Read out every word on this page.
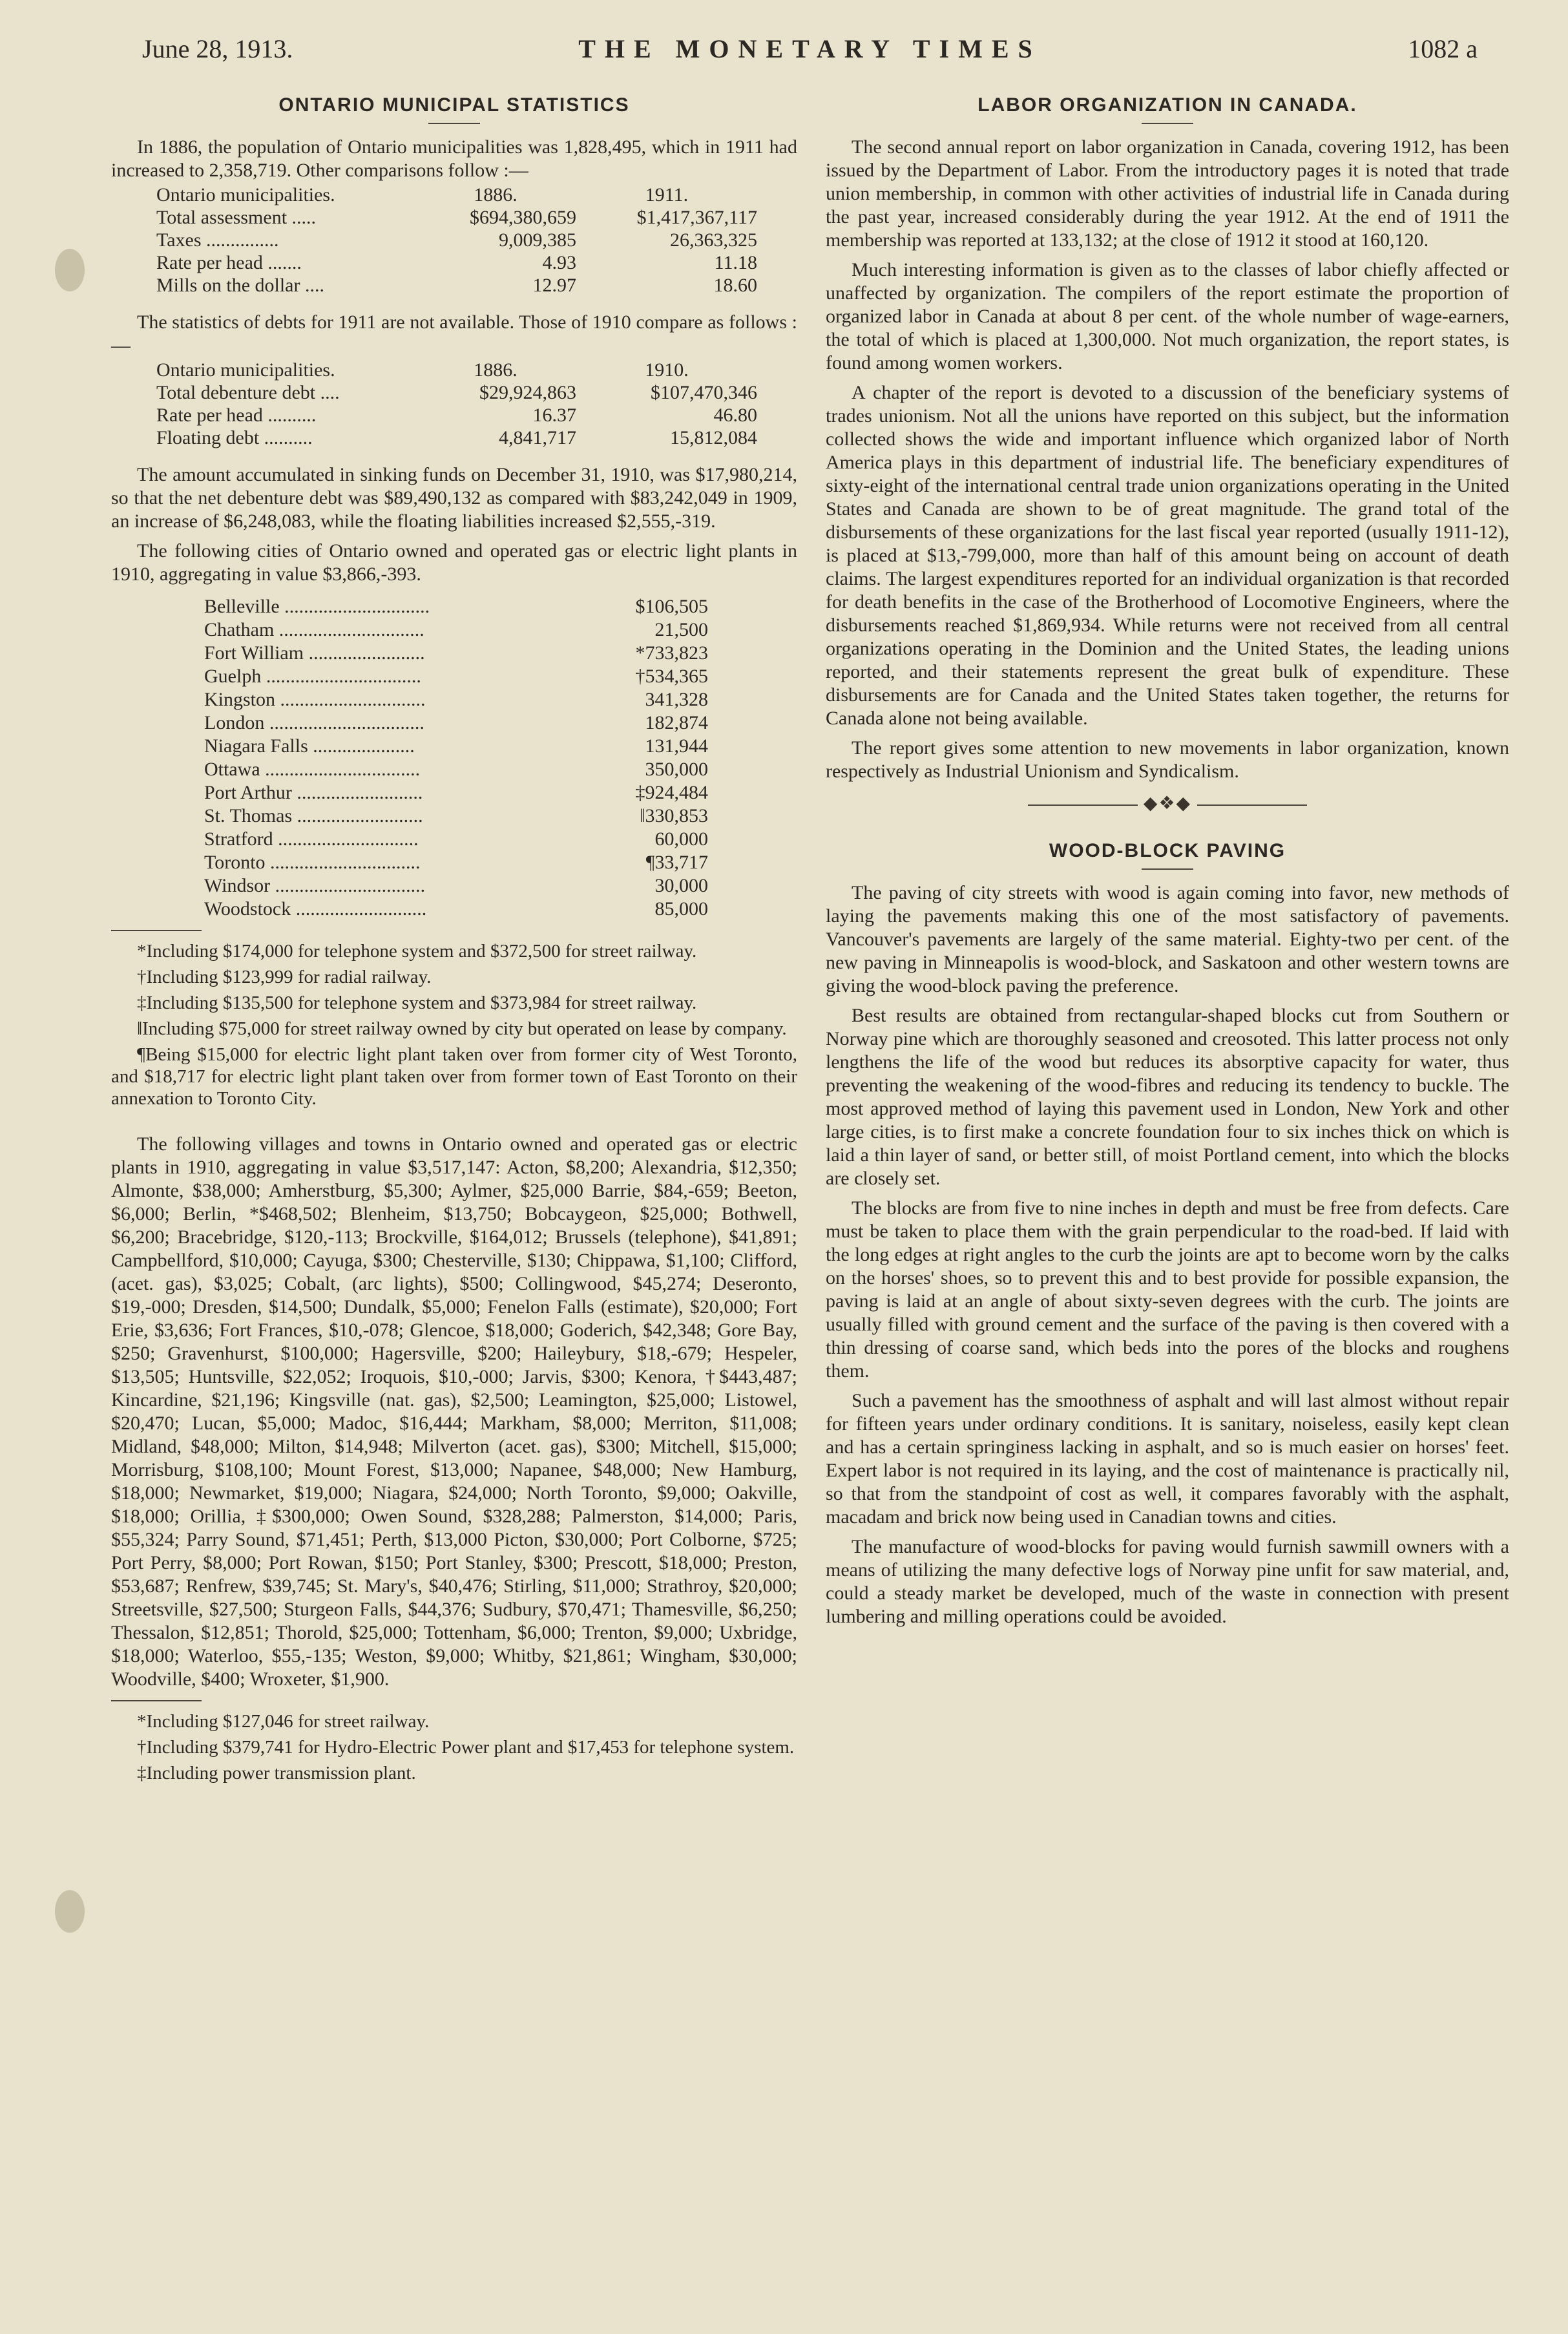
June 28, 1913.	THE MONETARY TIMES	1082 a
ONTARIO MUNICIPAL STATISTICS

In 1886, the population of Ontario municipalities was 1,828,495, which in 1911 had increased to 2,358,719. Other comparisons follow :—

Ontario municipalities.	1886.	1911.
Total assessment .....	$694,380,659	$1,417,367,117
Taxes ...............	9,009,385	26,363,325
Rate per head .......	4.93	11.18
Mills on the dollar ....	12.97	18.60

The statistics of debts for 1911 are not available. Those of 1910 compare as follows :—

Ontario municipalities.	1886.	1910.
Total debenture debt ....	$29,924,863	$107,470,346
Rate per head ..........	16.37	46.80
Floating debt ..........	4,841,717	15,812,084

The amount accumulated in sinking funds on December 31, 1910, was $17,980,214, so that the net debenture debt was $89,490,132 as compared with $83,242,049 in 1909, an increase of $6,248,083, while the floating liabilities increased $2,555,-319.

The following cities of Ontario owned and operated gas or electric light plants in 1910, aggregating in value $3,866,-393.

Belleville ..............................	$106,505
Chatham ..............................	21,500
Fort William ........................	*733,823
Guelph ................................	†534,365
Kingston ..............................	341,328
London ................................	182,874
Niagara Falls .....................	131,944
Ottawa ................................	350,000
Port Arthur ..........................	‡924,484
St. Thomas ..........................	‖330,853
Stratford .............................	60,000
Toronto ...............................	¶33,717
Windsor ...............................	30,000
Woodstock ...........................	85,000

*Including $174,000 for telephone system and $372,500 for street railway.

†Including $123,999 for radial railway.

‡Including $135,500 for telephone system and $373,984 for street railway.

‖Including $75,000 for street railway owned by city but operated on lease by company.

¶Being $15,000 for electric light plant taken over from former city of West Toronto, and $18,717 for electric light plant taken over from former town of East Toronto on their annexation to Toronto City.

The following villages and towns in Ontario owned and operated gas or electric plants in 1910, aggregating in value $3,517,147: Acton, $8,200; Alexandria, $12,350; Almonte, $38,000; Amherstburg, $5,300; Aylmer, $25,000 Barrie, $84,-659; Beeton, $6,000; Berlin, *$468,502; Blenheim, $13,750; Bobcaygeon, $25,000; Bothwell, $6,200; Bracebridge, $120,-113; Brockville, $164,012; Brussels (telephone), $41,891; Campbellford, $10,000; Cayuga, $300; Chesterville, $130; Chippawa, $1,100; Clifford, (acet. gas), $3,025; Cobalt, (arc lights), $500; Collingwood, $45,274; Deseronto, $19,-000; Dresden, $14,500; Dundalk, $5,000; Fenelon Falls (estimate), $20,000; Fort Erie, $3,636; Fort Frances, $10,-078; Glencoe, $18,000; Goderich, $42,348; Gore Bay, $250; Gravenhurst, $100,000; Hagersville, $200; Haileybury, $18,-679; Hespeler, $13,505; Huntsville, $22,052; Iroquois, $10,-000; Jarvis, $300; Kenora, †$443,487; Kincardine, $21,196; Kingsville (nat. gas), $2,500; Leamington, $25,000; Listowel, $20,470; Lucan, $5,000; Madoc, $16,444; Markham, $8,000; Merriton, $11,008; Midland, $48,000; Milton, $14,948; Milverton (acet. gas), $300; Mitchell, $15,000; Morrisburg, $108,100; Mount Forest, $13,000; Napanee, $48,000; New Hamburg, $18,000; Newmarket, $19,000; Niagara, $24,000; North Toronto, $9,000; Oakville, $18,000; Orillia, ‡$300,000; Owen Sound, $328,288; Palmerston, $14,000; Paris, $55,324; Parry Sound, $71,451; Perth, $13,000 Picton, $30,000; Port Colborne, $725; Port Perry, $8,000; Port Rowan, $150; Port Stanley, $300; Prescott, $18,000; Preston, $53,687; Renfrew, $39,745; St. Mary's, $40,476; Stirling, $11,000; Strathroy, $20,000; Streetsville, $27,500; Sturgeon Falls, $44,376; Sudbury, $70,471; Thamesville, $6,250; Thessalon, $12,851; Thorold, $25,000; Tottenham, $6,000; Trenton, $9,000; Uxbridge, $18,000; Waterloo, $55,-135; Weston, $9,000; Whitby, $21,861; Wingham, $30,000; Woodville, $400; Wroxeter, $1,900.

*Including $127,046 for street railway.

†Including $379,741 for Hydro-Electric Power plant and $17,453 for telephone system.

‡Including power transmission plant.

LABOR ORGANIZATION IN CANADA.

The second annual report on labor organization in Canada, covering 1912, has been issued by the Department of Labor. From the introductory pages it is noted that trade union membership, in common with other activities of industrial life in Canada during the past year, increased considerably during the year 1912. At the end of 1911 the membership was reported at 133,132; at the close of 1912 it stood at 160,120.

Much interesting information is given as to the classes of labor chiefly affected or unaffected by organization. The compilers of the report estimate the proportion of organized labor in Canada at about 8 per cent. of the whole number of wage-earners, the total of which is placed at 1,300,000. Not much organization, the report states, is found among women workers.

A chapter of the report is devoted to a discussion of the beneficiary systems of trades unionism. Not all the unions have reported on this subject, but the information collected shows the wide and important influence which organized labor of North America plays in this department of industrial life. The beneficiary expenditures of sixty-eight of the international central trade union organizations operating in the United States and Canada are shown to be of great magnitude. The grand total of the disbursements of these organizations for the last fiscal year reported (usually 1911-12), is placed at $13,-799,000, more than half of this amount being on account of death claims. The largest expenditures reported for an individual organization is that recorded for death benefits in the case of the Brotherhood of Locomotive Engineers, where the disbursements reached $1,869,934. While returns were not received from all central organizations operating in the Dominion and the United States, the leading unions reported, and their statements represent the great bulk of expenditure. These disbursements are for Canada and the United States taken together, the returns for Canada alone not being available.

The report gives some attention to new movements in labor organization, known respectively as Industrial Unionism and Syndicalism.

◆❖◆
WOOD-BLOCK PAVING

The paving of city streets with wood is again coming into favor, new methods of laying the pavements making this one of the most satisfactory of pavements. Vancouver's pavements are largely of the same material. Eighty-two per cent. of the new paving in Minneapolis is wood-block, and Saskatoon and other western towns are giving the wood-block paving the preference.

Best results are obtained from rectangular-shaped blocks cut from Southern or Norway pine which are thoroughly seasoned and creosoted. This latter process not only lengthens the life of the wood but reduces its absorptive capacity for water, thus preventing the weakening of the wood-fibres and reducing its tendency to buckle. The most approved method of laying this pavement used in London, New York and other large cities, is to first make a concrete foundation four to six inches thick on which is laid a thin layer of sand, or better still, of moist Portland cement, into which the blocks are closely set.

The blocks are from five to nine inches in depth and must be free from defects. Care must be taken to place them with the grain perpendicular to the road-bed. If laid with the long edges at right angles to the curb the joints are apt to become worn by the calks on the horses' shoes, so to prevent this and to best provide for possible expansion, the paving is laid at an angle of about sixty-seven degrees with the curb. The joints are usually filled with ground cement and the surface of the paving is then covered with a thin dressing of coarse sand, which beds into the pores of the blocks and roughens them.

Such a pavement has the smoothness of asphalt and will last almost without repair for fifteen years under ordinary conditions. It is sanitary, noiseless, easily kept clean and has a certain springiness lacking in asphalt, and so is much easier on horses' feet. Expert labor is not required in its laying, and the cost of maintenance is practically nil, so that from the standpoint of cost as well, it compares favorably with the asphalt, macadam and brick now being used in Canadian towns and cities.

The manufacture of wood-blocks for paving would furnish sawmill owners with a means of utilizing the many defective logs of Norway pine unfit for saw material, and, could a steady market be developed, much of the waste in connection with present lumbering and milling operations could be avoided.
